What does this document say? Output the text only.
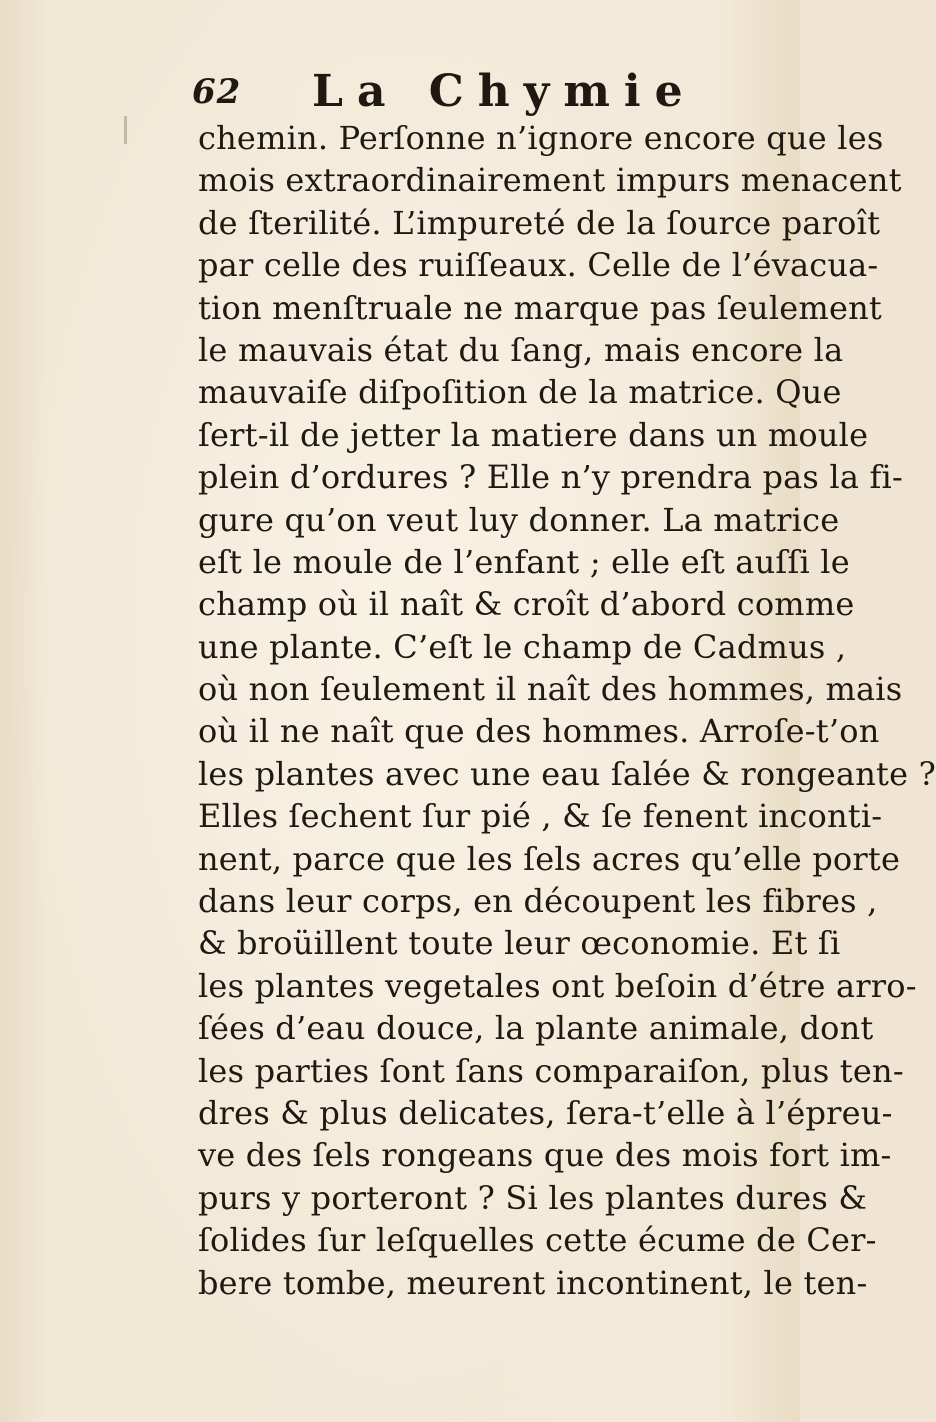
62 La Chymie
chemin. Perſonne n’ignore encore que les
mois extraordinairement impurs menacent
de ſterilité. L’impureté de la ſource paroît
par celle des ruiſſeaux. Celle de l’évacua-
tion menſtruale ne marque pas ſeulement
le mauvais état du ſang, mais encore la
mauvaiſe diſpoſition de la matrice. Que
ſert-il de jetter la matiere dans un moule
plein d’ordures ? Elle n’y prendra pas la fi-
gure qu’on veut luy donner. La matrice
eſt le moule de l’enfant ; elle eſt auſſi le
champ où il naît & croît d’abord comme
une plante. C’eſt le champ de Cadmus ,
où non ſeulement il naît des hommes, mais
où il ne naît que des hommes. Arroſe-t’on
les plantes avec une eau ſalée & rongeante ?
Elles ſechent ſur pié , & ſe fenent inconti-
nent, parce que les ſels acres qu’elle porte
dans leur corps, en découpent les fibres ,
& broüillent toute leur œconomie. Et ſi
les plantes vegetales ont beſoin d’étre arro-
ſées d’eau douce, la plante animale, dont
les parties ſont ſans comparaiſon, plus ten-
dres & plus delicates, ſera-t’elle à l’épreu-
ve des ſels rongeans que des mois fort im-
purs y porteront ? Si les plantes dures &
ſolides ſur leſquelles cette écume de Cer-
bere tombe, meurent incontinent, le ten-
